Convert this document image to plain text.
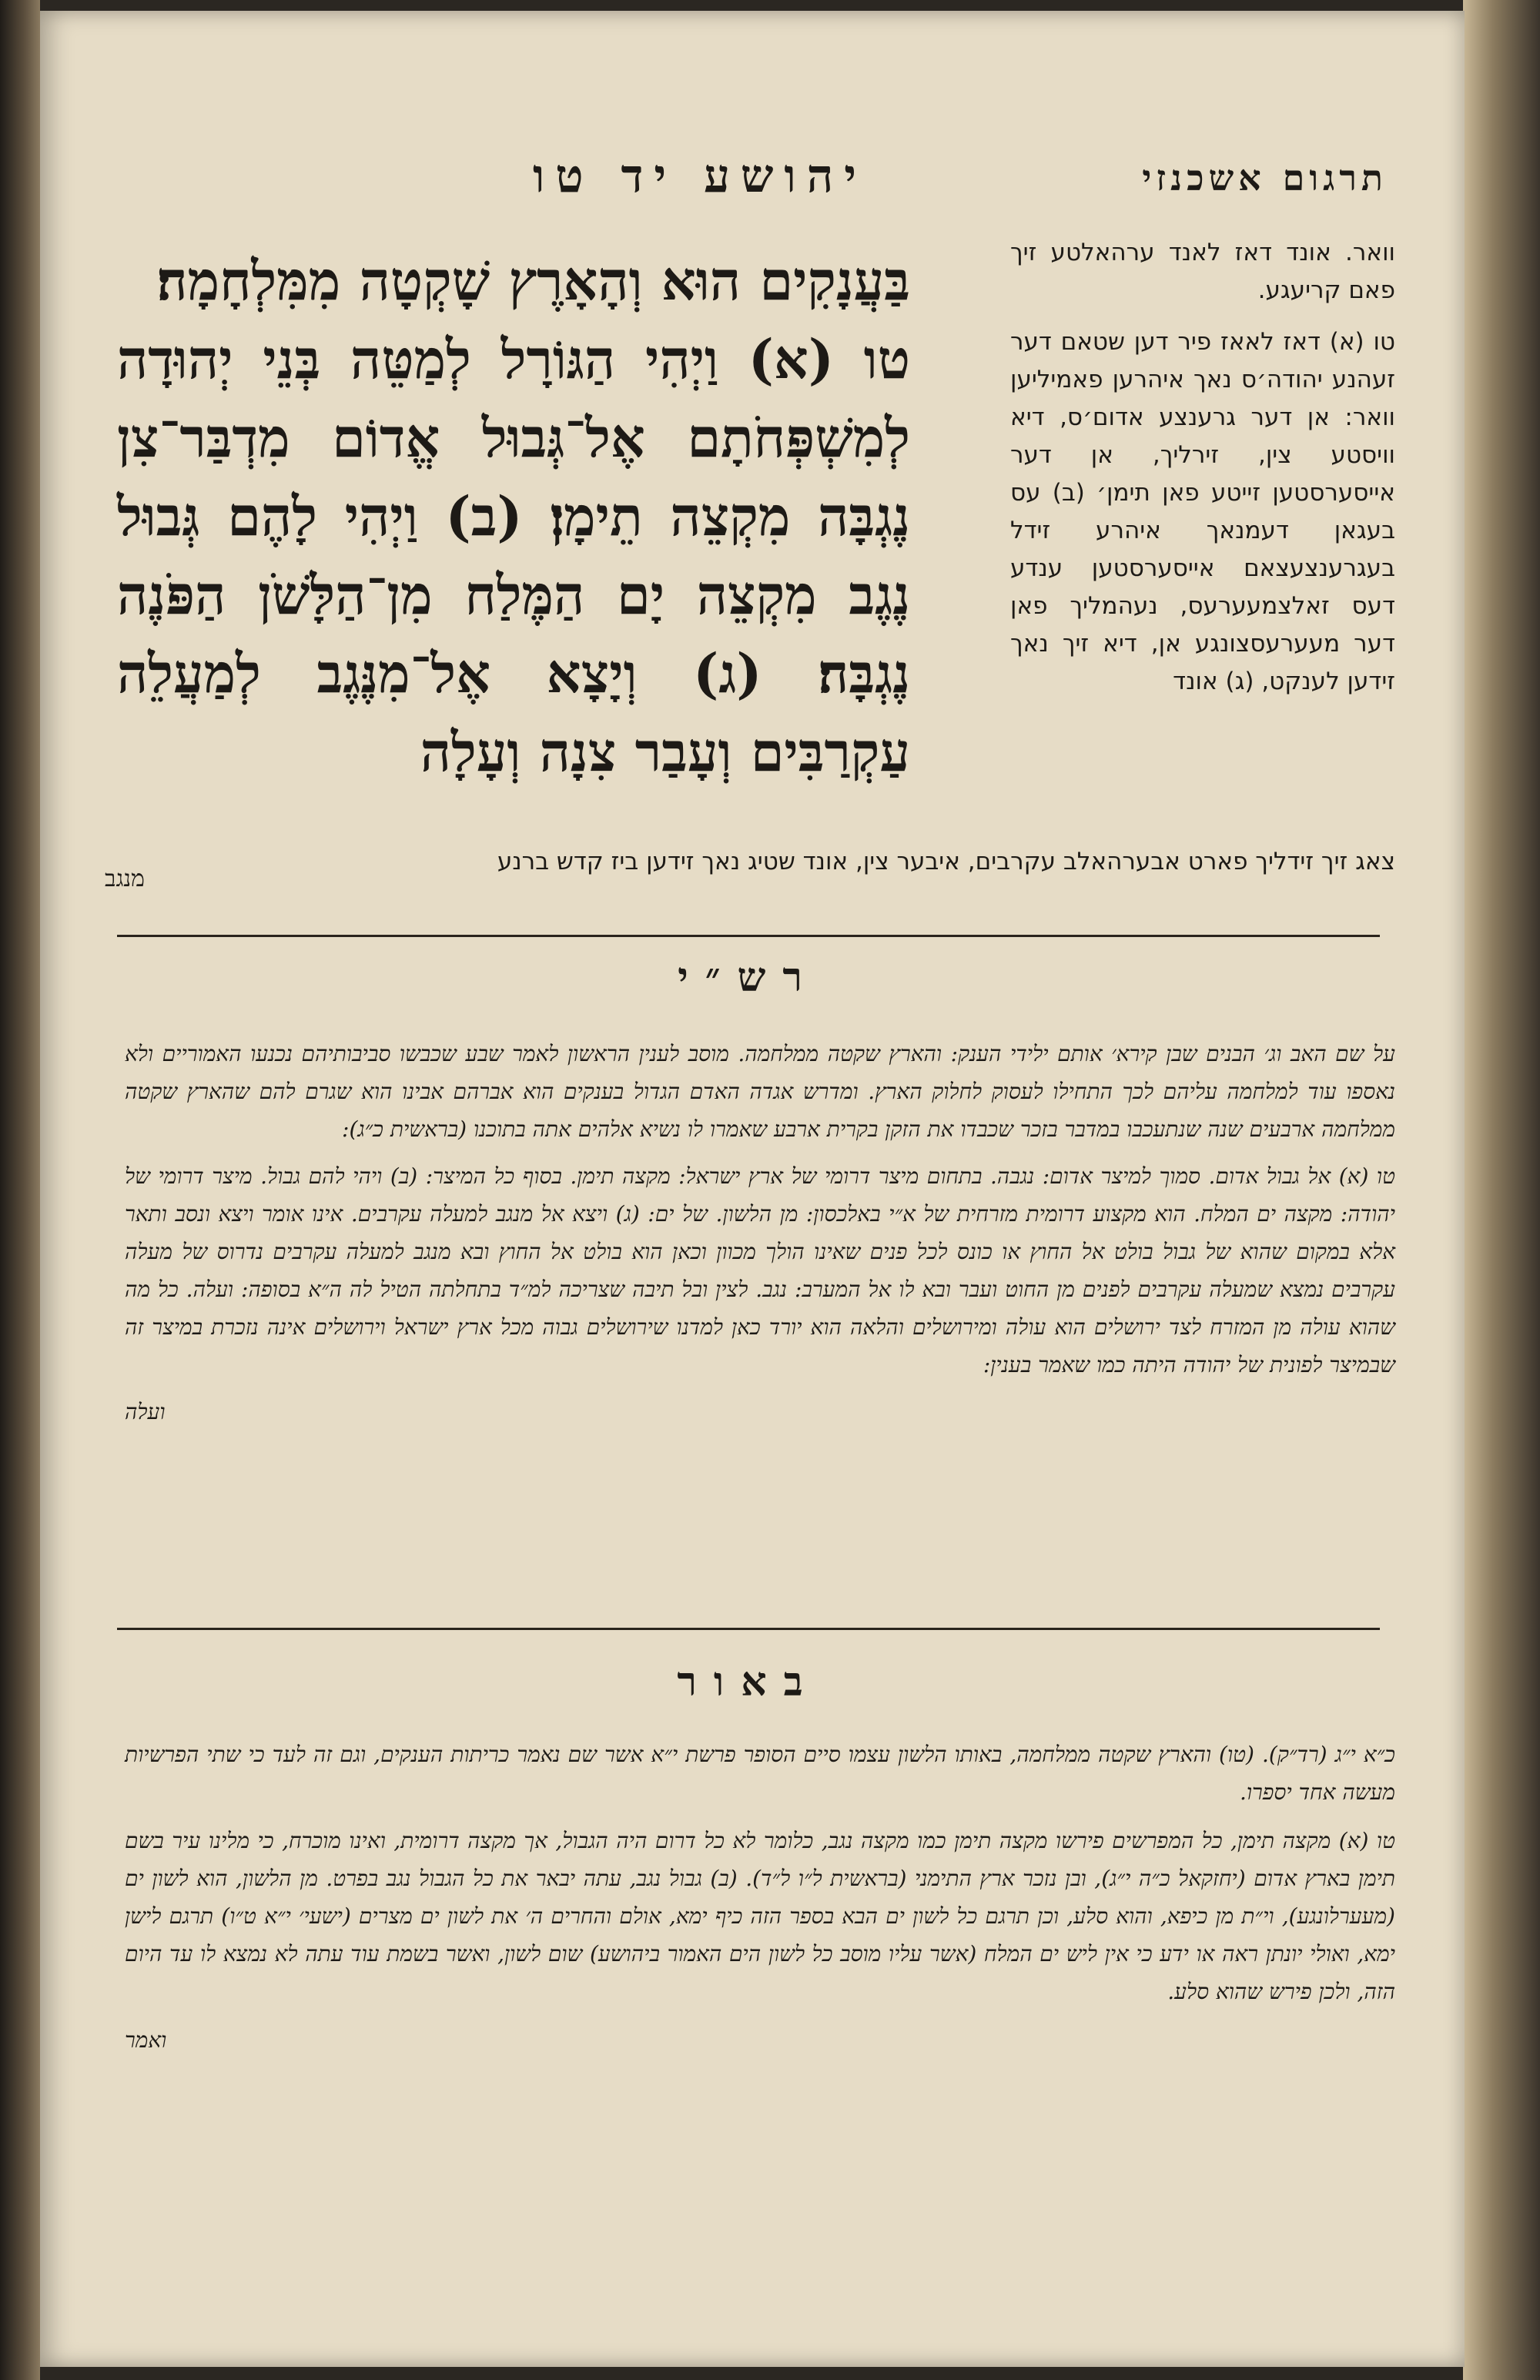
תרגום אשכנזי
יהושע יד טו

וואר. אונד דאז לאנד ערהאלטע זיך פאם קריעגע.

טו (א) דאז לאאז פיר דען שטאם דער זעהנע יהודה׳ס נאך איהרען פאמיליען וואר: אן דער גרענצע אדום׳ס, דיא וויסטע צין, זירליך, אן דער אייסערסטען זייטע פאן תימן׳ (ב) עס בעגאן דעמנאך איהרע זידל בעגרענצעצאם אייסערסטען ענדע דעס זאלצמעערעס, נעהמליך פאן דער מעערעסצונגע אן, דיא זיך נאך זידען לענקט, (ג) אונד

בַּעֲנָקִים הוּא וְהָאָרֶץ שָׁקְטָה מִמִּלְחָמָה׃

טו (א) וַיְהִי הַגּוֹרָל לְמַטֵּה בְּנֵי יְהוּדָה לְמִשְׁפְּחֹתָם אֶל־גְּבוּל אֱדוֹם מִדְבַּר־צִן נֶגְבָּה מִקְצֵה תֵימָן׃ (ב) וַיְהִי לָהֶם גְּבוּל נֶגֶב מִקְצֵה יָם הַמֶּלַח מִן־הַלָּשֹׁן הַפֹּנֶה נֶגְבָּה׃ (ג) וְיָצָא אֶל־מִנֶּגֶב לְמַעֲלֵה עַקְרַבִּים וְעָבַר צִנָה וְעָלָה

מנגב
צאג זיך זידליך פארט אבערהאלב עקרבים, איבער צין, אונד שטיג נאך זידען ביז קדש ברנע
רש״י

על שם האב וג׳ הבנים שבן קירא׳ אותם ילידי הענק: והארץ שקטה ממלחמה. מוסב לענין הראשון לאמר שבע שכבשו סביבותיהם נכנעו האמוריים ולא נאספו עוד למלחמה עליהם לכך התחילו לעסוק לחלוק הארץ. ומדרש אגדה האדם הגדול בענקים הוא אברהם אבינו הוא שגרם להם שהארץ שקטה ממלחמה ארבעים שנה שנתעכבו במדבר בזכר שכבדו את הזקן בקרית ארבע שאמרו לו נשיא אלהים אתה בתוכנו (בראשית כ״ג):

טו (א) אל גבול אדום. סמוך למיצר אדום: נגבה. בתחום מיצר דרומי של ארץ ישראל: מקצה תימן. בסוף כל המיצר: (ב) ויהי להם גבול. מיצר דרומי של יהודה: מקצה ים המלח. הוא מקצוע דרומית מזרחית של א״י באלכסון: מן הלשון. של ים: (ג) ויצא אל מנגב למעלה עקרבים. אינו אומר ויצא ונסב ותאר אלא במקום שהוא של גבול בולט אל החוץ או כונס לכל פנים שאינו הולך מכוון וכאן הוא בולט אל החוץ ובא מנגב למעלה עקרבים נדרוס של מעלה עקרבים נמצא שמעלה עקרבים לפנים מן החוט ועבר ובא לו אל המערב: נגב. לצין ובל תיבה שצריכה למ״ד בתחלתה הטיל לה ה״א בסופה: ועלה. כל מה שהוא עולה מן המזרח לצד ירושלים הוא עולה ומירושלים והלאה הוא יורד כאן למדנו שירושלים גבוה מכל ארץ ישראל וירושלים אינה נזכרת במיצר זה שבמיצר לפונית של יהודה היתה כמו שאמר בענין:

ועלה

באור

כ״א י״ג (רד״ק). (טו) והארץ שקטה ממלחמה, באותו הלשון עצמו סיים הסופר פרשת י״א אשר שם נאמר כריתות הענקים, וגם זה לעד כי שתי הפרשיות מעשה אחד יספרו.

טו (א) מקצה תימן, כל המפרשים פירשו מקצה תימן כמו מקצה נגב, כלומר לא כל דרום היה הגבול, אך מקצה דרומית, ואינו מוכרח, כי מלינו עיר בשם תימן בארץ אדום (יחזקאל כ״ה י״ג), ובן נזכר ארץ התימני (בראשית ל״ו ל״ד). (ב) גבול נגב, עתה יבאר את כל הגבול נגב בפרט. מן הלשון, הוא לשון ים (מעערלונגע), וי״ת מן כיפא, והוא סלע, וכן תרגם כל לשון ים הבא בספר הזה כיף ימא, אולם והחרים ה׳ את לשון ים מצרים (ישעי׳ י״א ט״ו) תרגם לישן ימא, ואולי יונתן ראה או ידע כי אין ליש ים המלח (אשר עליו מוסב כל לשון הים האמור ביהושע) שום לשון, ואשר בשמת עוד עתה לא נמצא לו עד היום הזה, ולכן פירש שהוא סלע.

ואמר
